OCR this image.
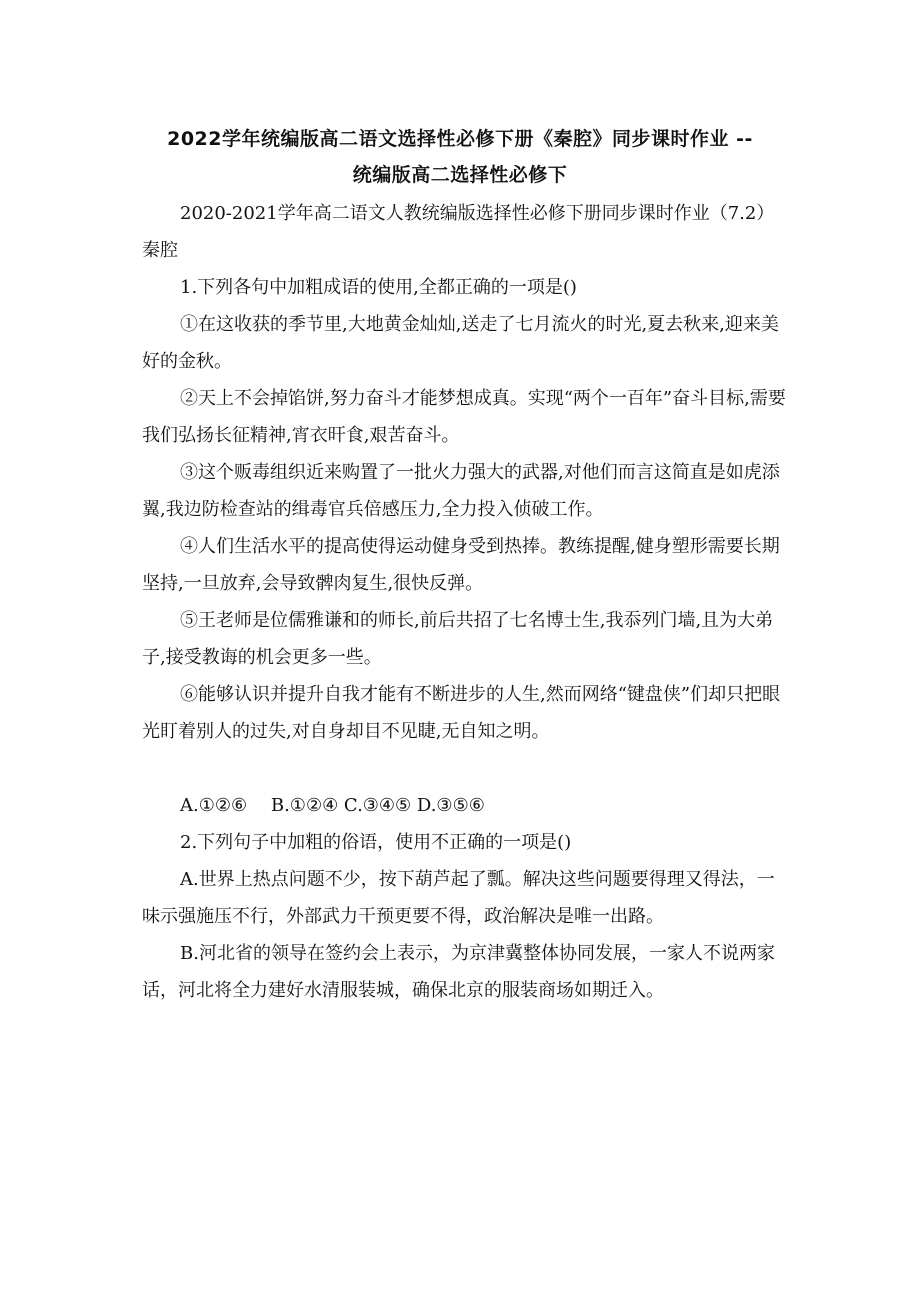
2022学年统编版高二语文选择性必修下册《秦腔》同步课时作业 --
统编版高二选择性必修下

2020-2021学年高二语文人教统编版选择性必修下册同步课时作业（7.2）秦腔

1.下列各句中加粗成语的使用,全都正确的一项是()

①在这收获的季节里,大地黄金灿灿,送走了七月流火的时光,夏去秋来,迎来美好的金秋。

②天上不会掉馅饼,努力奋斗才能梦想成真。实现“两个一百年”奋斗目标,需要我们弘扬长征精神,宵衣旰食,艰苦奋斗。

③这个贩毒组织近来购置了一批火力强大的武器,对他们而言这简直是如虎添翼,我边防检查站的缉毒官兵倍感压力,全力投入侦破工作。

④人们生活水平的提高使得运动健身受到热捧。教练提醒,健身塑形需要长期坚持,一旦放弃,会导致髀肉复生,很快反弹。

⑤王老师是位儒雅谦和的师长,前后共招了七名博士生,我忝列门墙,且为大弟子,接受教诲的机会更多一些。

⑥能够认识并提升自我才能有不断进步的人生,然而网络“键盘侠”们却只把眼光盯着别人的过失,对自身却目不见睫,无自知之明。

A.①②⑥　 B.①②④ C.③④⑤ D.③⑤⑥

2.下列句子中加粗的俗语，使用不正确的一项是()

A.世界上热点问题不少，按下葫芦起了瓢。解决这些问题要得理又得法，一味示强施压不行，外部武力干预更要不得，政治解决是唯一出路。

B.河北省的领导在签约会上表示，为京津冀整体协同发展，一家人不说两家话，河北将全力建好水清服装城，确保北京的服装商场如期迁入。
